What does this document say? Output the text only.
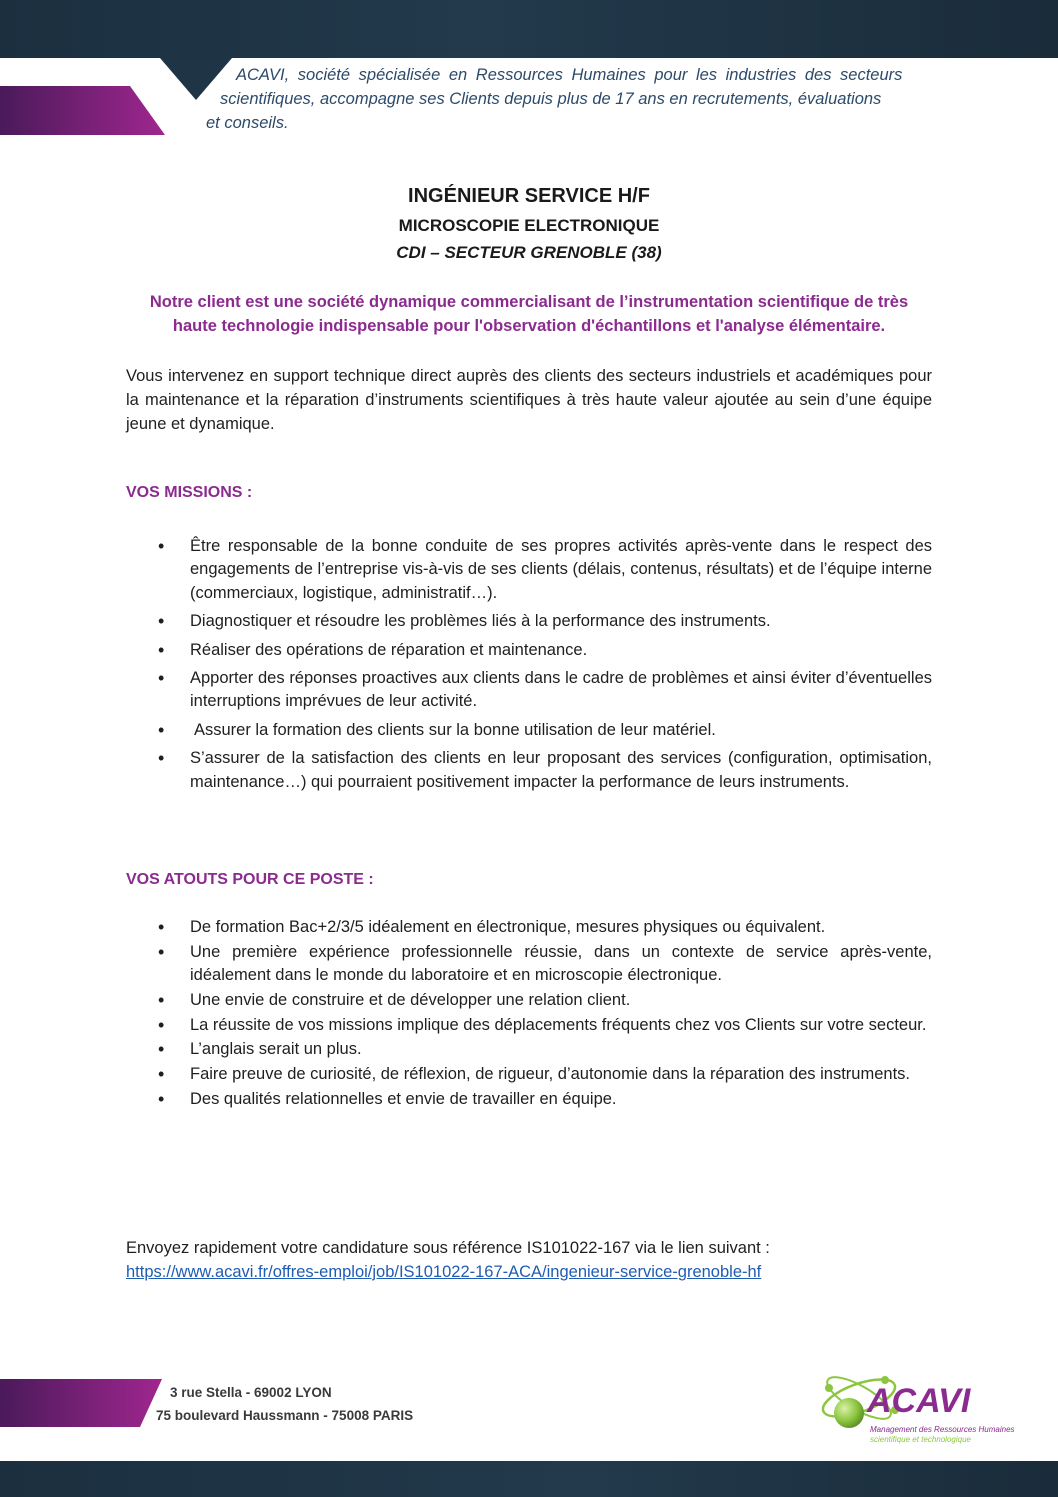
ACAVI, société spécialisée en Ressources Humaines pour les industries des secteurs
scientifiques, accompagne ses Clients depuis plus de 17 ans en recrutements, évaluations
et conseils.
INGÉNIEUR SERVICE H/F
MICROSCOPIE ELECTRONIQUE
CDI – SECTEUR GRENOBLE (38)
Notre client est une société dynamique commercialisant de l’instrumentation scientifique de très haute technologie indispensable pour l'observation d'échantillons et l'analyse élémentaire.
Vous intervenez en support technique direct auprès des clients des secteurs industriels et académiques pour la maintenance et la réparation d’instruments scientifiques à très haute valeur ajoutée au sein d’une équipe jeune et dynamique.
VOS MISSIONS :
• Être responsable de la bonne conduite de ses propres activités après-vente dans le respect des engagements de l’entreprise vis-à-vis de ses clients (délais, contenus, résultats) et de l’équipe interne (commerciaux, logistique, administratif…).
• Diagnostiquer et résoudre les problèmes liés à la performance des instruments.
• Réaliser des opérations de réparation et maintenance.
• Apporter des réponses proactives aux clients dans le cadre de problèmes et ainsi éviter d’éventuelles interruptions imprévues de leur activité.
• Assurer la formation des clients sur la bonne utilisation de leur matériel.
• S’assurer de la satisfaction des clients en leur proposant des services (configuration, optimisation, maintenance…) qui pourraient positivement impacter la performance de leurs instruments.
VOS ATOUTS POUR CE POSTE :
• De formation Bac+2/3/5 idéalement en électronique, mesures physiques ou équivalent.
• Une première expérience professionnelle réussie, dans un contexte de service après-vente, idéalement dans le monde du laboratoire et en microscopie électronique.
• Une envie de construire et de développer une relation client.
• La réussite de vos missions implique des déplacements fréquents chez vos Clients sur votre secteur.
• L’anglais serait un plus.
• Faire preuve de curiosité, de réflexion, de rigueur, d’autonomie dans la réparation des instruments.
• Des qualités relationnelles et envie de travailler en équipe.
Envoyez rapidement votre candidature sous référence IS101022-167 via le lien suivant :
https://www.acavi.fr/offres-emploi/job/IS101022-167-ACA/ingenieur-service-grenoble-hf
3 rue Stella - 69002 LYON
75 boulevard Haussmann - 75008 PARIS	ACAVI
Management des Ressources Humaines
scientifique et technologique
